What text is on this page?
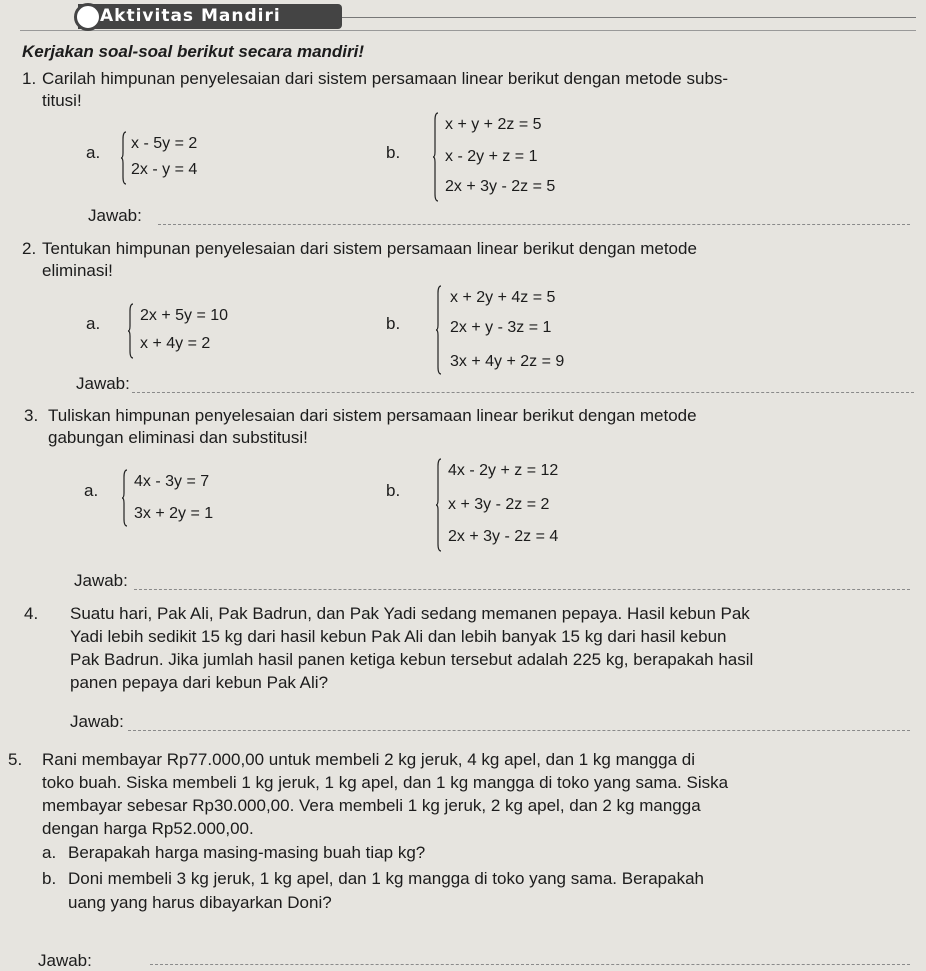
Aktivitas Mandiri
Kerjakan soal-soal berikut secara mandiri!
1. Carilah himpunan penyelesaian dari sistem persamaan linear berikut dengan metode subs-
titusi!
a. x - 5y = 2
2x - y = 4
b.
x + y + 2z = 5
x - 2y + z = 1
2x + 3y - 2z = 5
Jawab:
2. Tentukan himpunan penyelesaian dari sistem persamaan linear berikut dengan metode
eliminasi!
a. 2x + 5y = 10
x + 4y = 2
b.
x + 2y + 4z = 5
2x + y - 3z = 1
3x + 4y + 2z = 9
Jawab:
3. Tuliskan himpunan penyelesaian dari sistem persamaan linear berikut dengan metode
gabungan eliminasi dan substitusi!
a. 4x - 3y = 7
3x + 2y = 1
b.
4x - 2y + z = 12
x + 3y - 2z = 2
2x + 3y - 2z = 4
Jawab:
4. Suatu hari, Pak Ali, Pak Badrun, dan Pak Yadi sedang memanen pepaya. Hasil kebun Pak
Yadi lebih sedikit 15 kg dari hasil kebun Pak Ali dan lebih banyak 15 kg dari hasil kebun
Pak Badrun. Jika jumlah hasil panen ketiga kebun tersebut adalah 225 kg, berapakah hasil
panen pepaya dari kebun Pak Ali?
Jawab:
5. Rani membayar Rp77.000,00 untuk membeli 2 kg jeruk, 4 kg apel, dan 1 kg mangga di
toko buah. Siska membeli 1 kg jeruk, 1 kg apel, dan 1 kg mangga di toko yang sama. Siska
membayar sebesar Rp30.000,00. Vera membeli 1 kg jeruk, 2 kg apel, dan 2 kg mangga
dengan harga Rp52.000,00.
a. Berapakah harga masing-masing buah tiap kg?
b. Doni membeli 3 kg jeruk, 1 kg apel, dan 1 kg mangga di toko yang sama. Berapakah
uang yang harus dibayarkan Doni?
Jawab:
